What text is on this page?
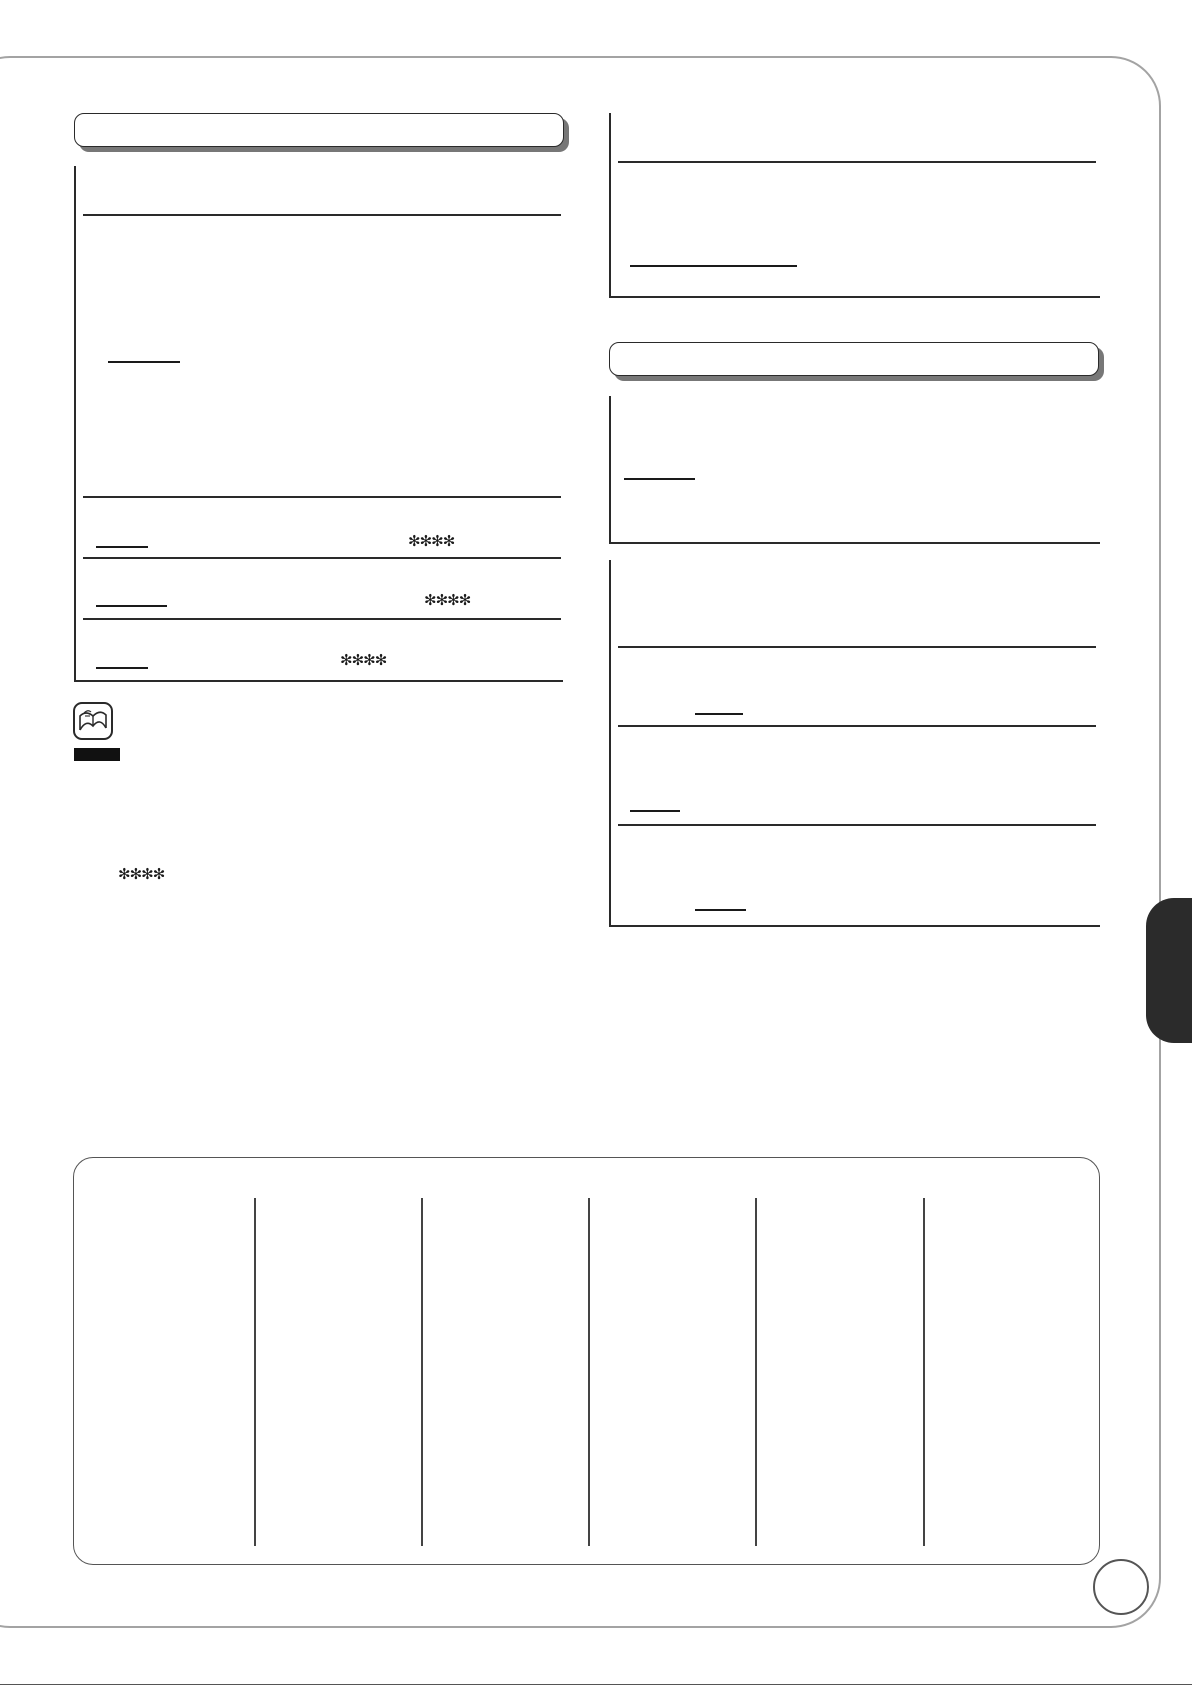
✻✻✻✻
✻✻✻✻
✻✻✻✻
✻✻✻✻
